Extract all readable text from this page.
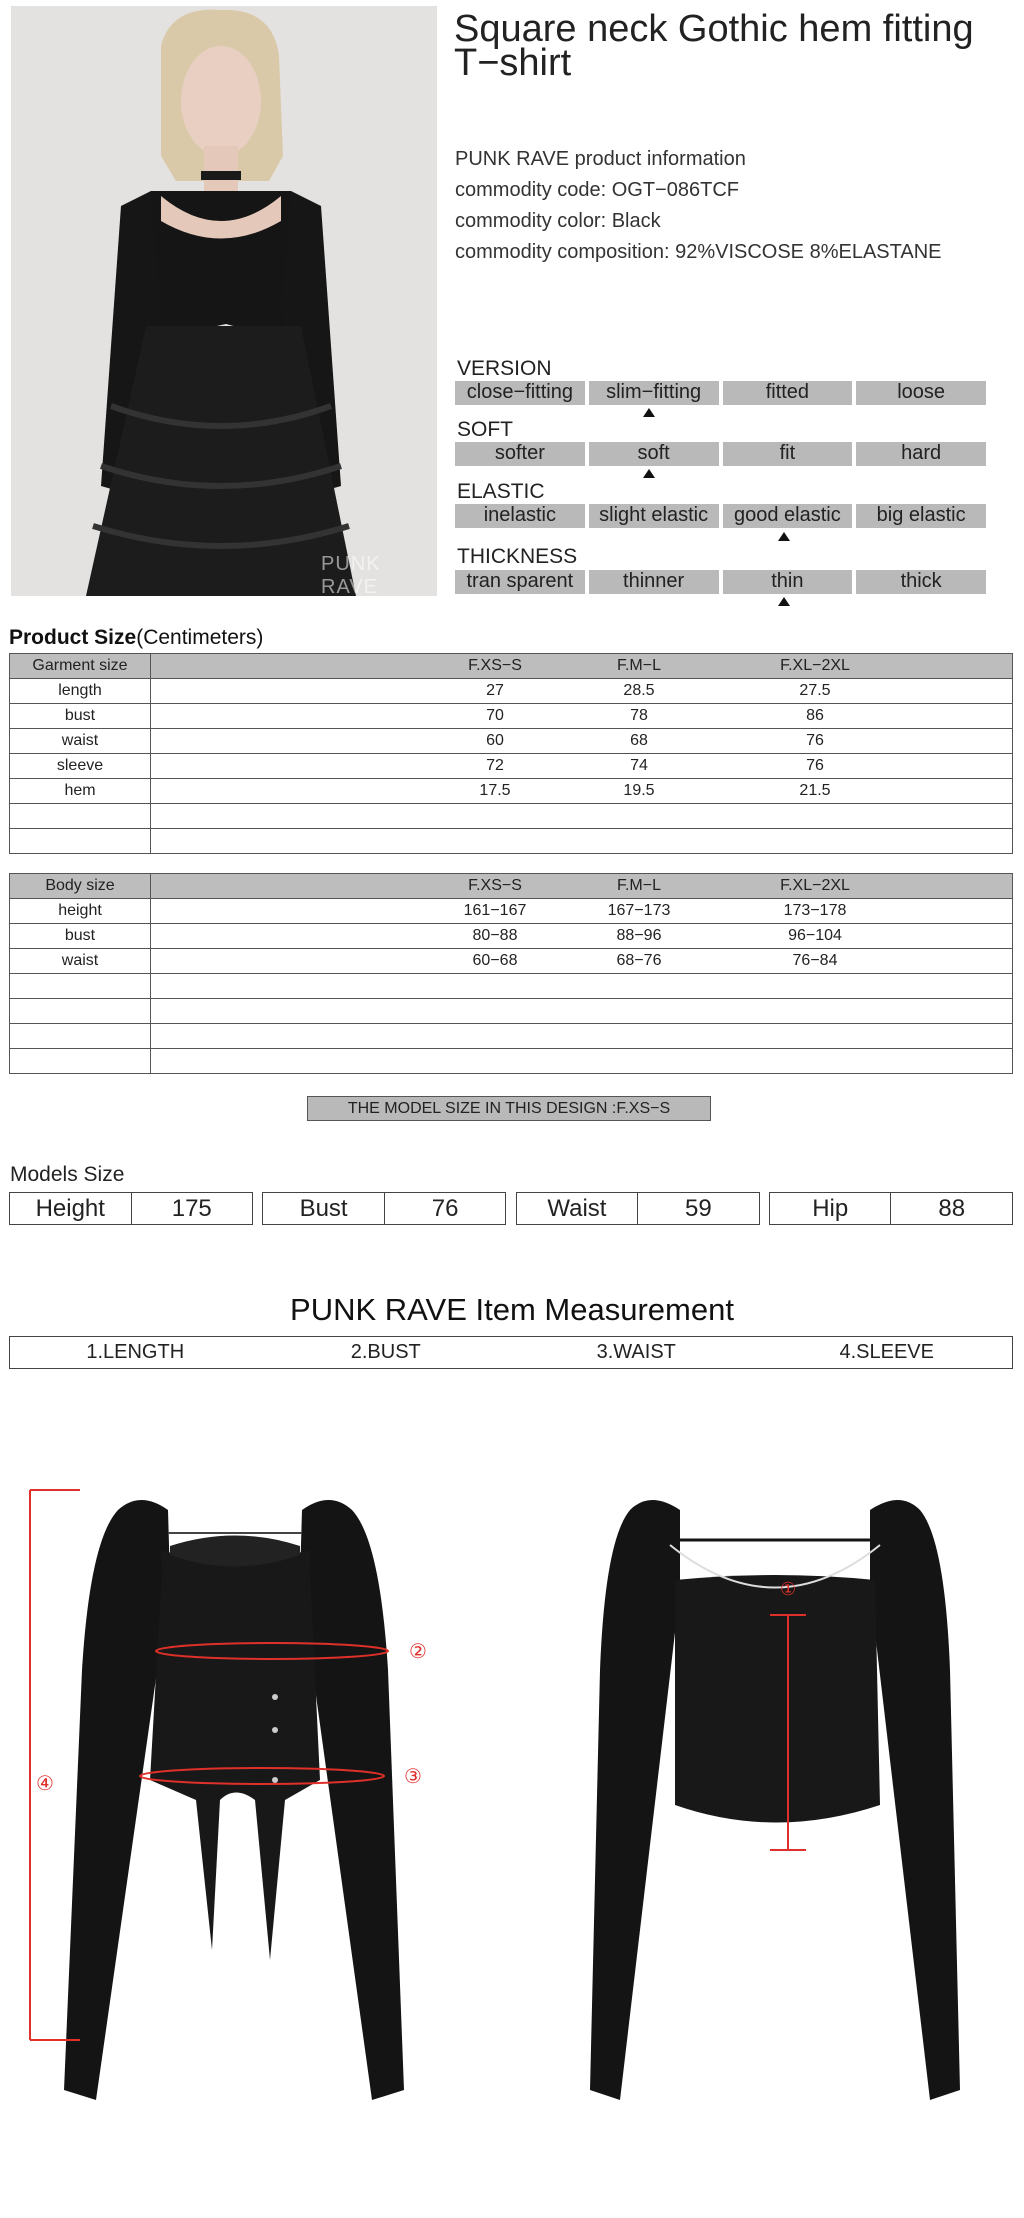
PUNK RAVE
Square neck Gothic hem fitting T−shirt
PUNK RAVE product information
commodity code: OGT−086TCF
commodity color: Black
commodity composition: 92%VISCOSE 8%ELASTANE
VERSION
close−fitting	slim−fitting	fitted	loose
SOFT
softer	soft	fit	hard
ELASTIC
inelastic	slight elastic	good elastic	big elastic
THICKNESS
tran sparent	thinner	thin	thick
Product Size(Centimeters)
Garment size	F.XS−S F.M−L F.XL−2XL

length	27 28.5 27.5

bust	70 78 86

waist	60 68 76

sleeve	72 74 76

hem	17.5 19.5 21.5

Body size	F.XS−S F.M−L F.XL−2XL

height	161−167 167−173 173−178

bust	80−88 88−96 96−104

waist	60−68 68−76 76−84

THE MODEL SIZE IN THIS DESIGN :F.XS−S
Models Size
Height	175	Bust	76	Waist	59	Hip	88
PUNK RAVE Item Measurement
1.LENGTH	2.BUST	3.WAIST	4.SLEEVE
①
②
③
④
